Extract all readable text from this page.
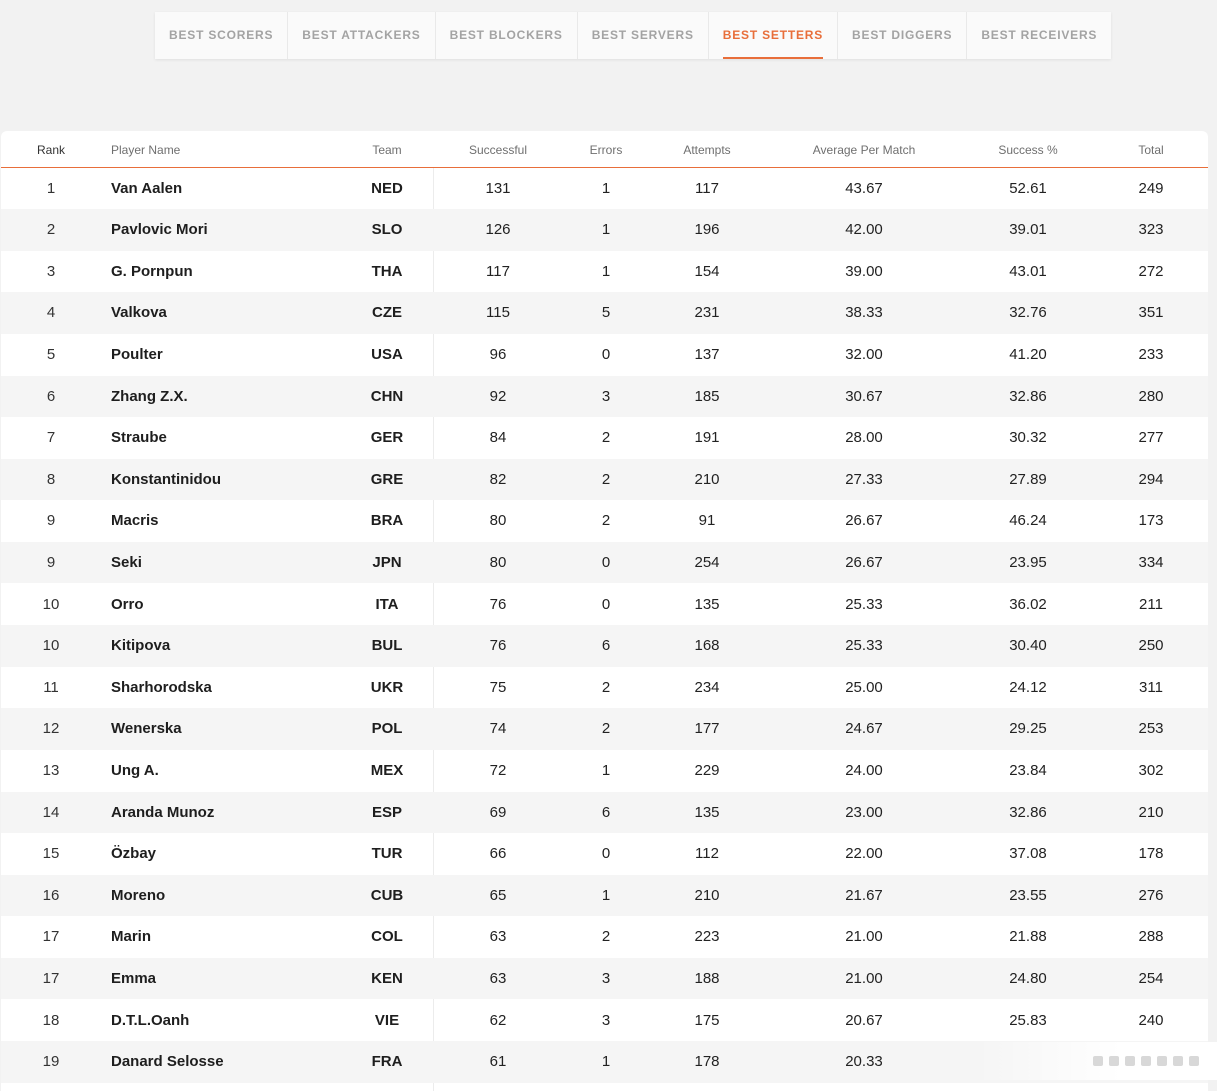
BEST SCORERS	BEST ATTACKERS	BEST BLOCKERS	BEST SERVERS	BEST SETTERS	BEST DIGGERS	BEST RECEIVERS
Rank	Player Name	Team	Successful	Errors	Attempts	Average Per Match	Success %	Total
1	Van Aalen	NED	131	1	117	43.67	52.61	249
2	Pavlovic Mori	SLO	126	1	196	42.00	39.01	323
3	G. Pornpun	THA	117	1	154	39.00	43.01	272
4	Valkova	CZE	115	5	231	38.33	32.76	351
5	Poulter	USA	96	0	137	32.00	41.20	233
6	Zhang Z.X.	CHN	92	3	185	30.67	32.86	280
7	Straube	GER	84	2	191	28.00	30.32	277
8	Konstantinidou	GRE	82	2	210	27.33	27.89	294
9	Macris	BRA	80	2	91	26.67	46.24	173
9	Seki	JPN	80	0	254	26.67	23.95	334
10	Orro	ITA	76	0	135	25.33	36.02	211
10	Kitipova	BUL	76	6	168	25.33	30.40	250
11	Sharhorodska	UKR	75	2	234	25.00	24.12	311
12	Wenerska	POL	74	2	177	24.67	29.25	253
13	Ung A.	MEX	72	1	229	24.00	23.84	302
14	Aranda Munoz	ESP	69	6	135	23.00	32.86	210
15	Özbay	TUR	66	0	112	22.00	37.08	178
16	Moreno	CUB	65	1	210	21.67	23.55	276
17	Marin	COL	63	2	223	21.00	21.88	288
17	Emma	KEN	63	3	188	21.00	24.80	254
18	D.T.L.Oanh	VIE	62	3	175	20.67	25.83	240
19	Danard Selosse	FRA	61	1	178	20.33
